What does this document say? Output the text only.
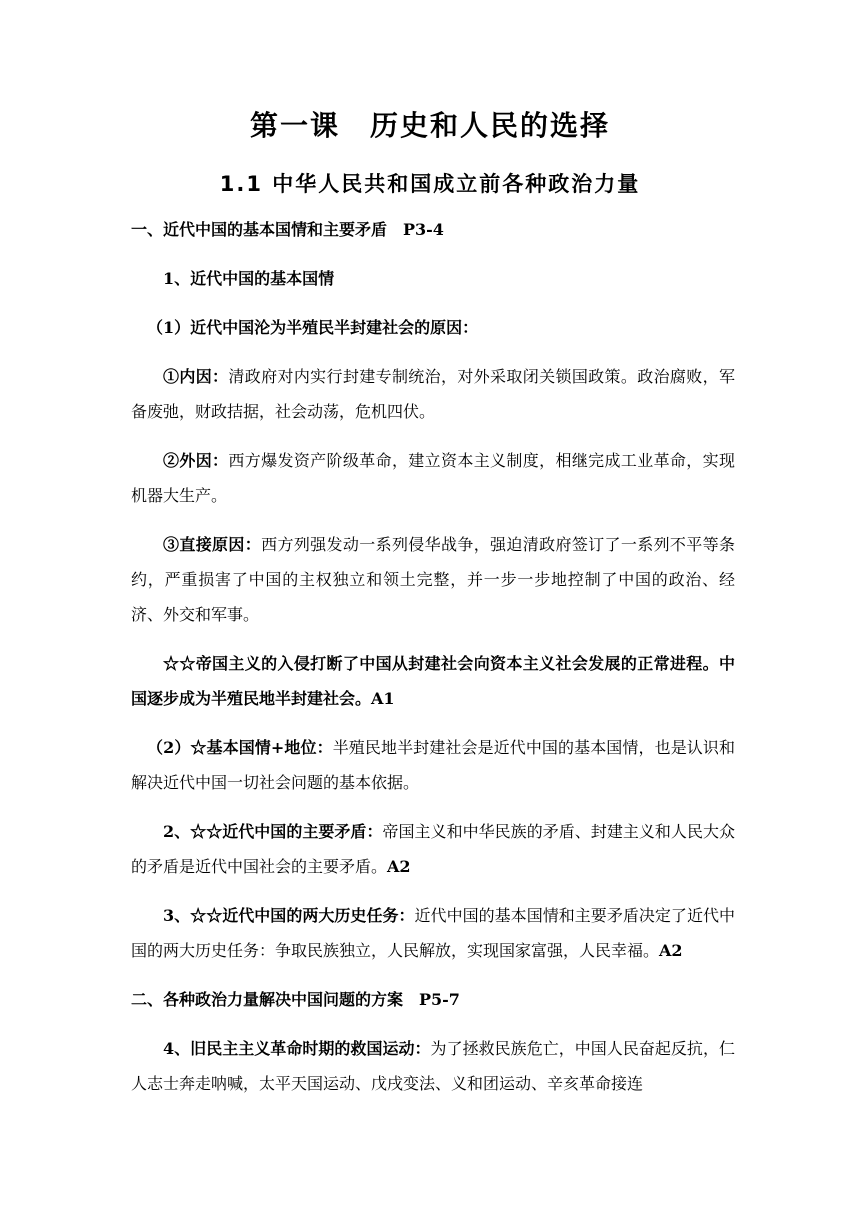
第一课　历史和人民的选择
1.1 中华人民共和国成立前各种政治力量
一、近代中国的基本国情和主要矛盾　P3-4
1、近代中国的基本国情
（1）近代中国沦为半殖民半封建社会的原因：
①内因：清政府对内实行封建专制统治，对外采取闭关锁国政策。政治腐败，军备废弛，财政拮据，社会动荡，危机四伏。
②外因：西方爆发资产阶级革命，建立资本主义制度，相继完成工业革命，实现机器大生产。
③直接原因：西方列强发动一系列侵华战争，强迫清政府签订了一系列不平等条约，严重损害了中国的主权独立和领土完整，并一步一步地控制了中国的政治、经济、外交和军事。
☆☆帝国主义的入侵打断了中国从封建社会向资本主义社会发展的正常进程。中国逐步成为半殖民地半封建社会。A1
（2）☆基本国情+地位：半殖民地半封建社会是近代中国的基本国情，也是认识和解决近代中国一切社会问题的基本依据。
2、☆☆近代中国的主要矛盾：帝国主义和中华民族的矛盾、封建主义和人民大众的矛盾是近代中国社会的主要矛盾。A2
3、☆☆近代中国的两大历史任务：近代中国的基本国情和主要矛盾决定了近代中国的两大历史任务：争取民族独立，人民解放，实现国家富强，人民幸福。A2
二、各种政治力量解决中国问题的方案　P5-7
4、旧民主主义革命时期的救国运动：为了拯救民族危亡，中国人民奋起反抗，仁人志士奔走呐喊，太平天国运动、戊戌变法、义和团运动、辛亥革命接连
